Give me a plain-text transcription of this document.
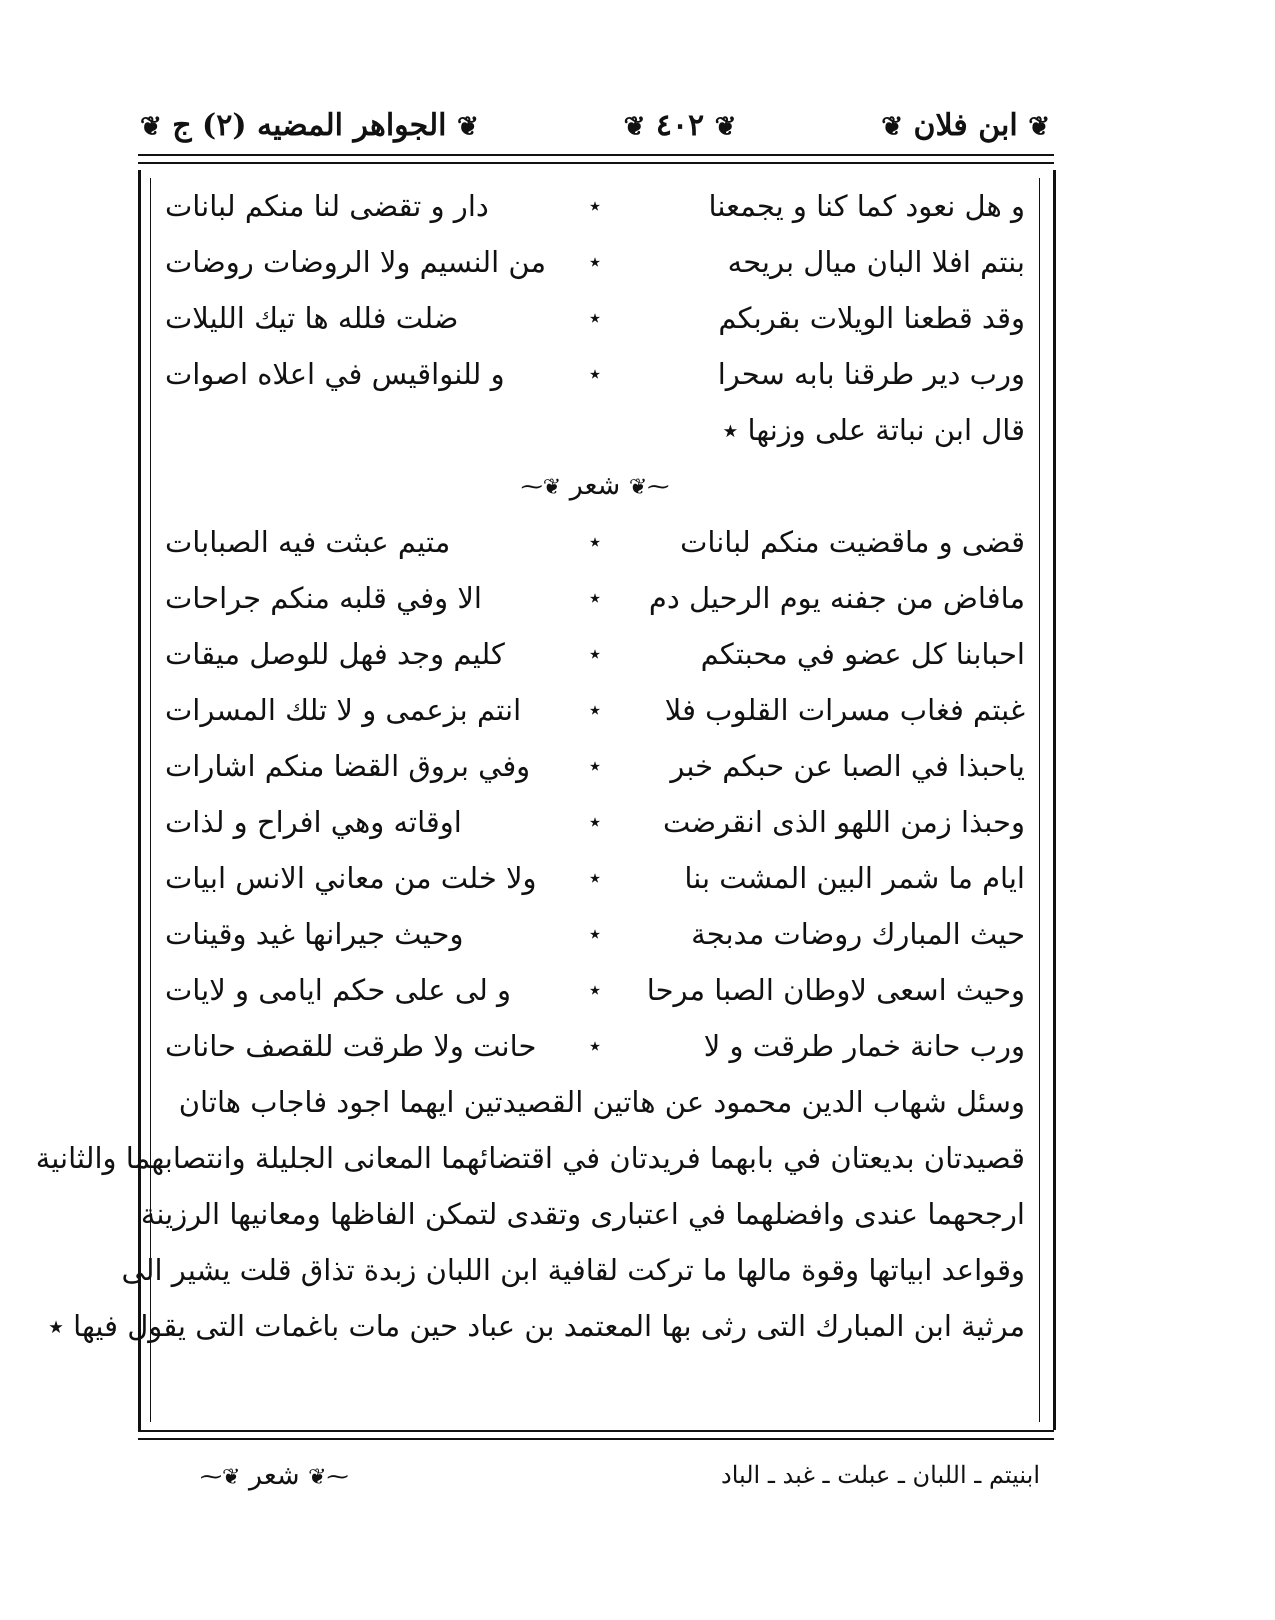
❦ ابن فلان ❦
❦ ٤٠٢ ❦
❦ الجواهر المضيه (٢) ج ❦
و هل نعود كما كنا و يجمعنا
٭
دار و تقضى لنا منكم لبانات
بنتم افلا البان ميال بريحه
٭
من النسيم ولا الروضات روضات
وقد قطعنا الويلات بقربكم
٭
ضلت فلله ها تيك الليلات
ورب دير طرقنا بابه سحرا
٭
و للنواقيس في اعلاه اصوات
قال ابن نباتة على وزنها ٭
⁓❦ شعر ❦⁓
قضى و ماقضيت منكم لبانات
٭
متيم عبثت فيه الصبابات
مافاض من جفنه يوم الرحيل دم
٭
الا وفي قلبه منكم جراحات
احبابنا كل عضو في محبتكم
٭
كليم وجد فهل للوصل ميقات
غبتم فغاب مسرات القلوب فلا
٭
انتم بزعمى و لا تلك المسرات
ياحبذا في الصبا عن حبكم خبر
٭
وفي بروق القضا منكم اشارات
وحبذا زمن اللهو الذى انقرضت
٭
اوقاته وهي افراح و لذات
ايام ما شمر البين المشت بنا
٭
ولا خلت من معاني الانس ابيات
حيث المبارك روضات مدبجة
٭
وحيث جيرانها غيد وقينات
وحيث اسعى لاوطان الصبا مرحا
٭
و لى على حكم ايامى و لايات
ورب حانة خمار طرقت و لا
٭
حانت ولا طرقت للقصف حانات
وسئل شهاب الدين محمود عن هاتين القصيدتين ايهما اجود فاجاب هاتان
قصيدتان بديعتان في بابهما فريدتان في اقتضائهما المعانى الجليلة وانتصابهما والثانية
ارجحهما عندى وافضلهما في اعتبارى وتقدى لتمكن الفاظها ومعانيها الرزينة
وقواعد ابياتها وقوة مالها ما تركت لقافية ابن اللبان زبدة تذاق قلت يشير الى
مرثية ابن المبارك التى رثى بها المعتمد بن عباد حين مات باغمات التى يقول فيها ٭
ابنيتم ـ اللبان ـ عبلت ـ غبد ـ الباد
⁓❦ شعر ❦⁓
